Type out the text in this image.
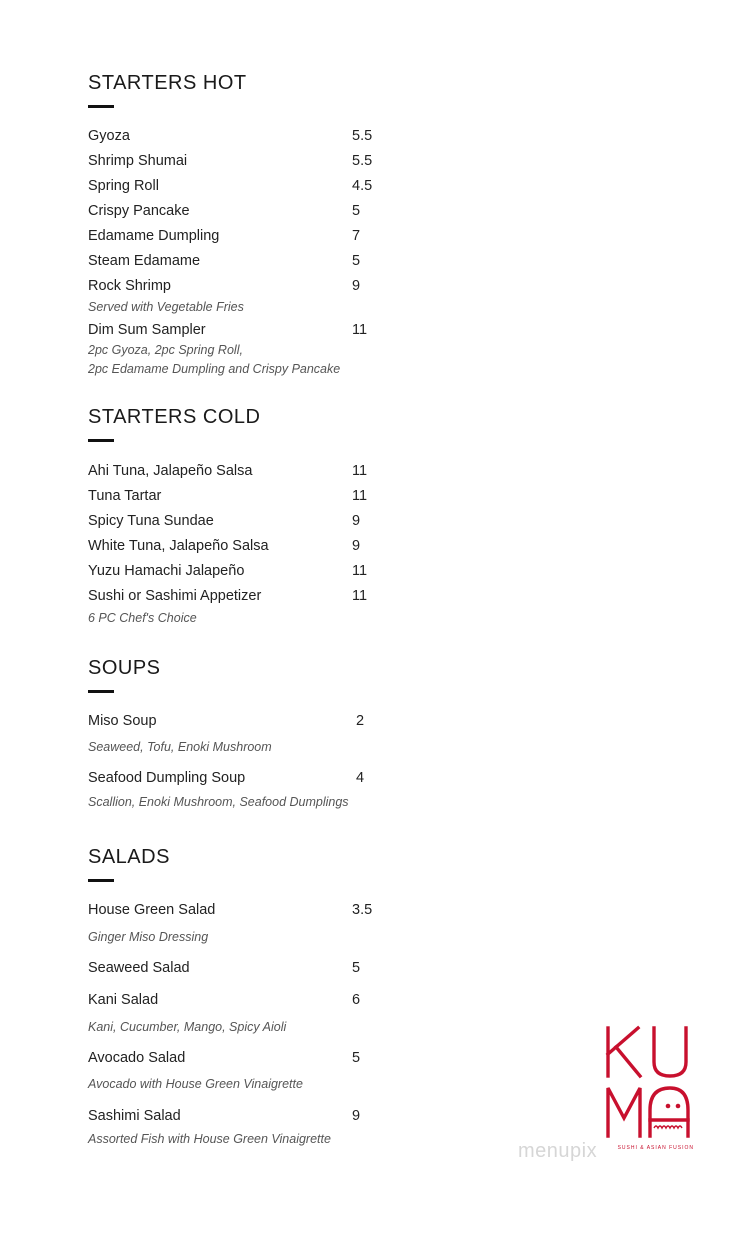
STARTERS HOT
Gyoza	5.5
Shrimp Shumai	5.5
Spring Roll	4.5
Crispy Pancake	5
Edamame Dumpling	7
Steam Edamame	5
Rock Shrimp	9
Served with Vegetable Fries
Dim Sum Sampler	11
2pc Gyoza, 2pc Spring Roll,
2pc Edamame Dumpling and Crispy Pancake
STARTERS COLD
Ahi Tuna, Jalapeño Salsa	11
Tuna Tartar	11
Spicy Tuna Sundae	9
White Tuna, Jalapeño Salsa	9
Yuzu Hamachi Jalapeño	11
Sushi or Sashimi Appetizer	11
6 PC Chef's Choice
SOUPS
Miso Soup	2
Seaweed, Tofu, Enoki Mushroom
Seafood Dumpling Soup	4
Scallion, Enoki Mushroom, Seafood Dumplings
SALADS
House Green Salad	3.5
Ginger Miso Dressing
Seaweed Salad	5
Kani Salad	6
Kani, Cucumber, Mango, Spicy Aioli
Avocado Salad	5
Avocado with House Green Vinaigrette
Sashimi Salad	9
Assorted Fish with House Green Vinaigrette
SUSHI & ASIAN FUSION
menupix
